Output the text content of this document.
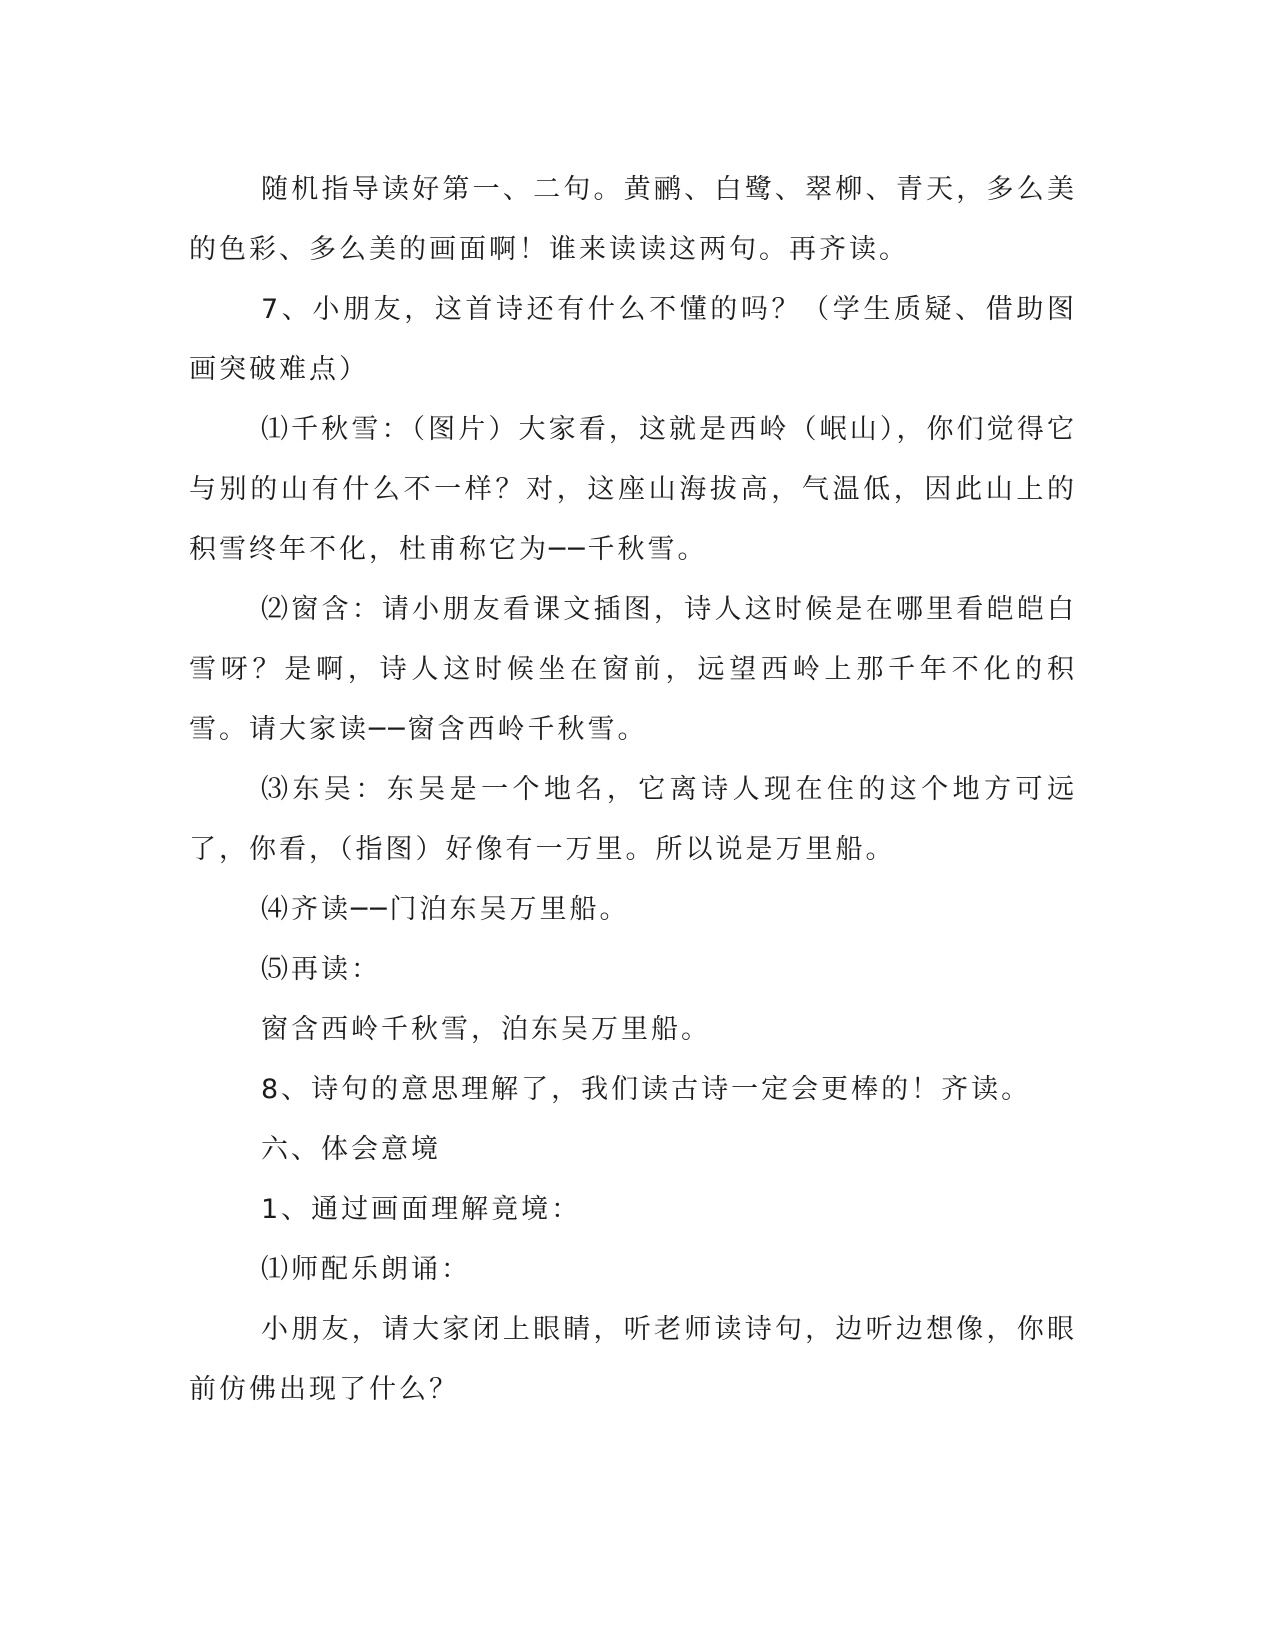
随机指导读好第一、二句。黄鹂、白鹭、翠柳、青天，多么美的色彩、多么美的画面啊！谁来读读这两句。再齐读。

7、小朋友，这首诗还有什么不懂的吗？（学生质疑、借助图画突破难点）

⑴千秋雪：（图片）大家看，这就是西岭（岷山），你们觉得它与别的山有什么不一样？对，这座山海拔高，气温低，因此山上的积雪终年不化，杜甫称它为──千秋雪。

⑵窗含：请小朋友看课文插图，诗人这时候是在哪里看皑皑白雪呀？是啊，诗人这时候坐在窗前，远望西岭上那千年不化的积雪。请大家读──窗含西岭千秋雪。

⑶东吴：东吴是一个地名，它离诗人现在住的这个地方可远了，你看，（指图）好像有一万里。所以说是万里船。

⑷齐读──门泊东吴万里船。

⑸再读：

窗含西岭千秋雪，泊东吴万里船。

8、诗句的意思理解了，我们读古诗一定会更棒的！齐读。

六、体会意境

1、通过画面理解竟境：

⑴师配乐朗诵：

小朋友，请大家闭上眼睛，听老师读诗句，边听边想像，你眼前仿佛出现了什么？
